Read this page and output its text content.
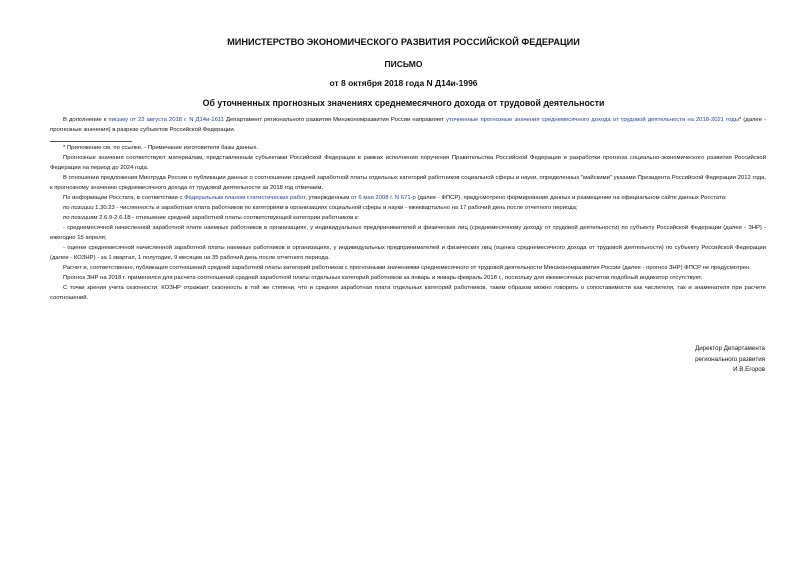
МИНИСТЕРСТВО ЭКОНОМИЧЕСКОГО РАЗВИТИЯ РОССИЙСКОЙ ФЕДЕРАЦИИ
ПИСЬМО
от 8 октября 2018 года N Д14и-1996
Об уточненных прогнозных значениях среднемесячного дохода от трудовой деятельности

В дополнение к письму от 22 августа 2018 г. N Д14и-1611 Департамент регионального развития Минэкономразвития России направляет уточненные прогнозные значения среднемесячного дохода от трудовой деятельности на 2018-2021 годы* (далее - прогнозные значения) в разрезе субъектов Российской Федерации.

* Приложение см. по ссылке. - Примечание изготовителя базы данных.

Прогнозные значения соответствуют материалам, представленным субъектами Российской Федерации в рамках исполнения поручения Правительства Российской Федерации и разработки прогноза социально-экономического развития Российской Федерации на период до 2024 года.

В отношении предложения Минтруда России о публикации данных о соотношении средней заработной платы отдельных категорий работников социальной сферы и науки, определенных "майскими" указами Президента Российской Федерации 2012 года, к прогнозному значению среднемесячного дохода от трудовой деятельности за 2018 год отмечаем.

По информации Росстата, в соответствии с Федеральным планом статистических работ, утвержденным от 6 мая 2008 г. N 671-р (далее - ФПСР), предусмотрено формирование данных и размещение на официальном сайте данных Росстата:

по позиции 1.30.23 - численность и заработная плата работников по категориям в организациях социальной сферы и науки - ежеквартально на 17 рабочий день после отчетного периода;

по позициям 2.6.9-2.6.18 - отношение средней заработной платы соответствующей категории работников к:

- среднемесячной начисленной заработной плате наемных работников в организациях, у индивидуальных предпринимателей и физических лиц (среднемесячному доходу от трудовой деятельности) по субъекту Российской Федерации (далее - ЗНР) - ежегодно 15 апреля;

- оценке среднемесячной начисленной заработной платы наемных работников в организациях, у индивидуальных предпринимателей и физических лиц (оценка среднемесячного дохода от трудовой деятельности) по субъекту Российской Федерации (далее - КОЗНР) - за 1 квартал, 1 полугодие, 9 месяцев на 35 рабочий день после отчетного периода.

Расчет и, соответственно, публикация соотношений средней заработной платы категорий работников с прогнозными значениями среднемесячного от трудовой деятельности Минэкономразвития России (далее - прогноз ЗНР) ФПСР не предусмотрен.

Прогноз ЗНР на 2018 г. применялся для расчета соотношений средней заработной платы отдельных категорий работников за январь и январь-февраль 2018 г., поскольку для ежемесячных расчетов подобный индикатор отсутствует.

С точки зрения учета сезонности: КОЗНР отражает сезонность в той же степени, что и средняя заработная плата отдельных категорий работников, таким образом можно говорить о сопоставимости как числителя, так и знаменателя при расчете соотношений.

Директор Департамента
регионального развития
И.В.Егоров
